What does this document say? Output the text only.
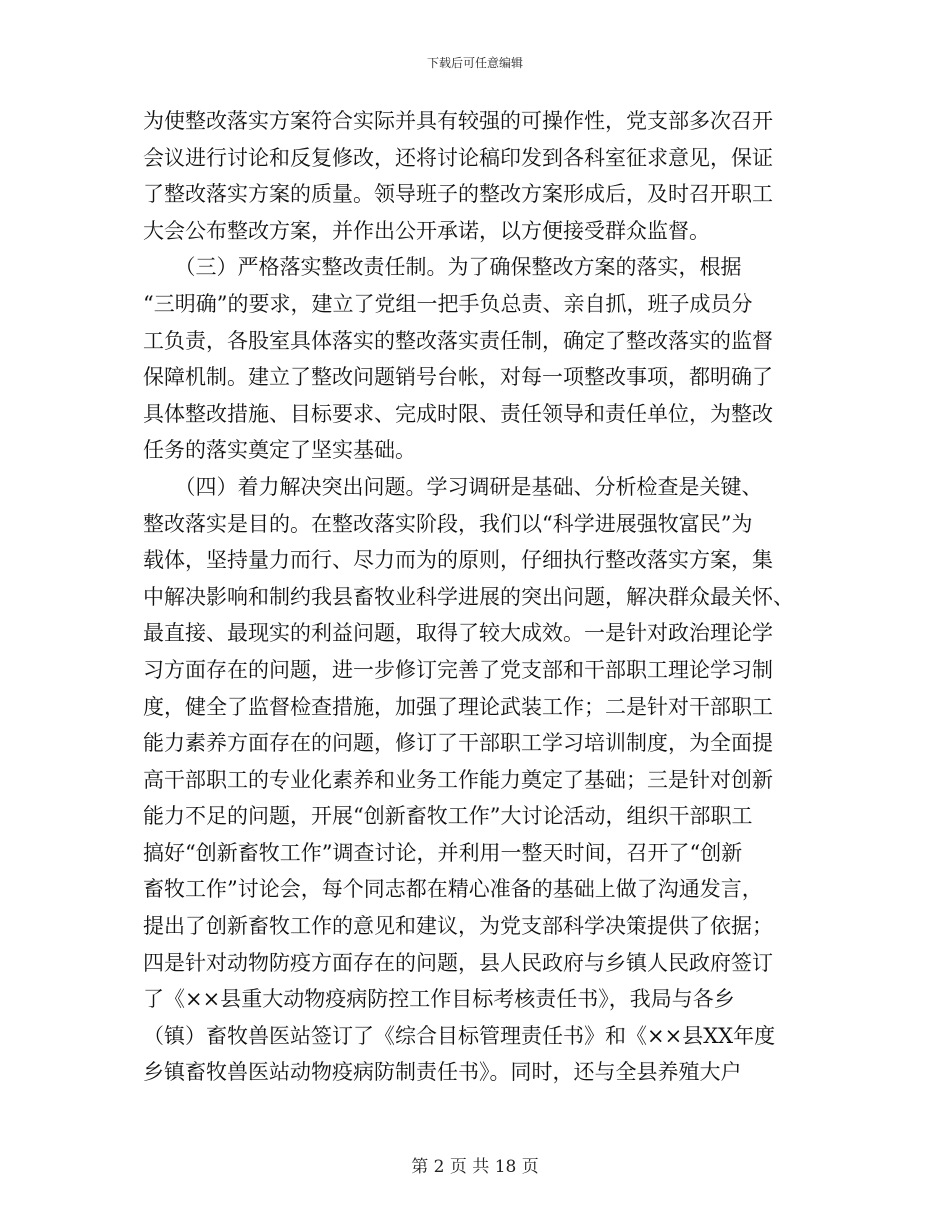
下载后可任意编辑
为使整改落实方案符合实际并具有较强的可操作性，党支部多次召开
会议进行讨论和反复修改，还将讨论稿印发到各科室征求意见，保证
了整改落实方案的质量。领导班子的整改方案形成后，及时召开职工
大会公布整改方案，并作出公开承诺，以方便接受群众监督。
　　（三）严格落实整改责任制。为了确保整改方案的落实，根据
“三明确”的要求，建立了党组一把手负总责、亲自抓，班子成员分
工负责，各股室具体落实的整改落实责任制，确定了整改落实的监督
保障机制。建立了整改问题销号台帐，对每一项整改事项，都明确了
具体整改措施、目标要求、完成时限、责任领导和责任单位，为整改
任务的落实奠定了坚实基础。
　　（四）着力解决突出问题。学习调研是基础、分析检查是关键、
整改落实是目的。在整改落实阶段，我们以“科学进展强牧富民”为
载体，坚持量力而行、尽力而为的原则，仔细执行整改落实方案，集
中解决影响和制约我县畜牧业科学进展的突出问题，解决群众最关怀、
最直接、最现实的利益问题，取得了较大成效。一是针对政治理论学
习方面存在的问题，进一步修订完善了党支部和干部职工理论学习制
度，健全了监督检查措施，加强了理论武装工作；二是针对干部职工
能力素养方面存在的问题，修订了干部职工学习培训制度，为全面提
高干部职工的专业化素养和业务工作能力奠定了基础；三是针对创新
能力不足的问题，开展“创新畜牧工作”大讨论活动，组织干部职工
搞好“创新畜牧工作”调查讨论，并利用一整天时间，召开了“创新
畜牧工作”讨论会，每个同志都在精心准备的基础上做了沟通发言，
提出了创新畜牧工作的意见和建议，为党支部科学决策提供了依据；
四是针对动物防疫方面存在的问题，县人民政府与乡镇人民政府签订
了《××县重大动物疫病防控工作目标考核责任书》，我局与各乡
（镇）畜牧兽医站签订了《综合目标管理责任书》和《××县XX年度
乡镇畜牧兽医站动物疫病防制责任书》。同时，还与全县养殖大户
第 2 页 共 18 页
